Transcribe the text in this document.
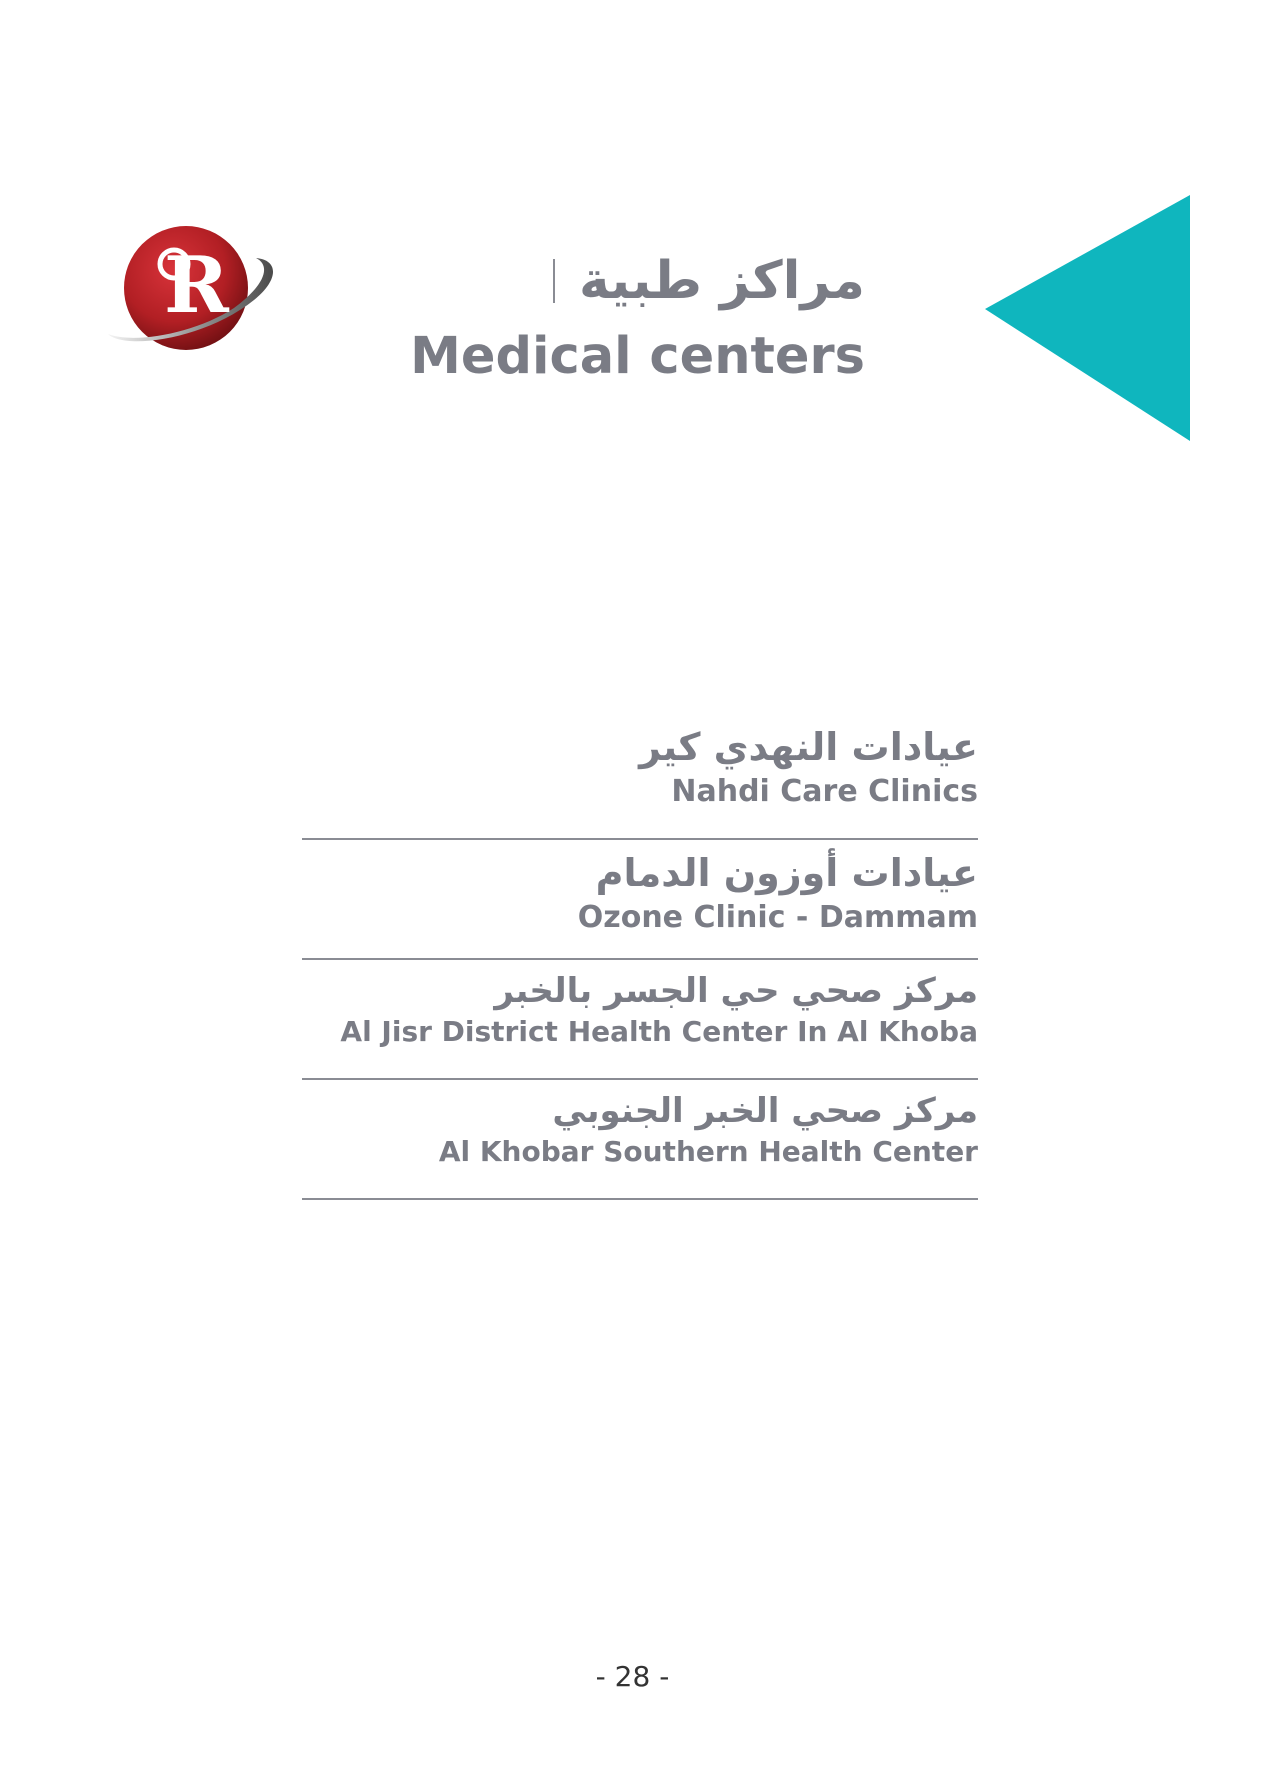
R	مراكز طبية
Medical centers
عيادات النهدي كير
Nahdi Care Clinics
عيادات أوزون الدمام
Ozone Clinic - Dammam
مركز صحي حي الجسر بالخبر
Al Jisr District Health Center In Al Khoba
مركز صحي الخبر الجنوبي
Al Khobar Southern Health Center
- 28 -
